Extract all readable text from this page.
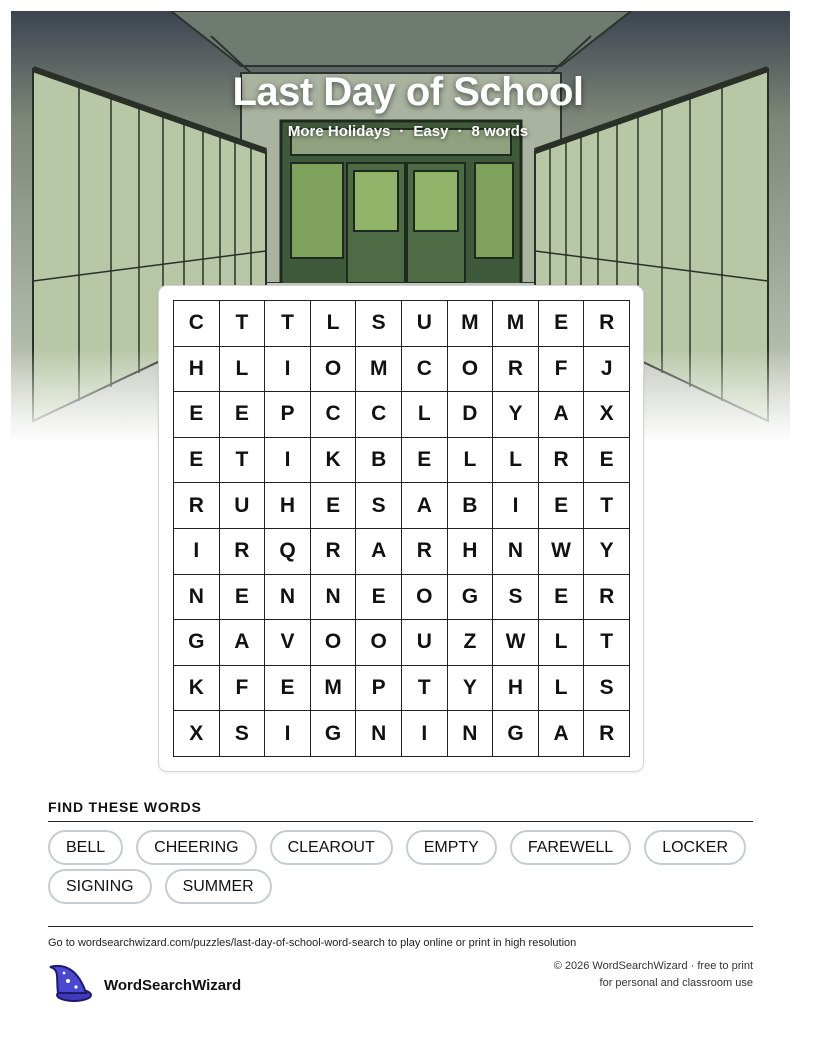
Last Day of School
More Holidays · Easy · 8 words
C	T	T	L	S	U	M	M	E	R
H	L	I	O	M	C	O	R	F	J
E	E	P	C	C	L	D	Y	A	X
E	T	I	K	B	E	L	L	R	E
R	U	H	E	S	A	B	I	E	T
I	R	Q	R	A	R	H	N	W	Y
N	E	N	N	E	O	G	S	E	R
G	A	V	O	O	U	Z	W	L	T
K	F	E	M	P	T	Y	H	L	S
X	S	I	G	N	I	N	G	A	R
FIND THESE WORDS
BELL	CHEERING	CLEAROUT	EMPTY	FAREWELL	LOCKER
SIGNING	SUMMER
Go to wordsearchwizard.com/puzzles/last-day-of-school-word-search to play online or print in high resolution
WordSearchWizard
© 2026 WordSearchWizard · free to print for personal and classroom use
